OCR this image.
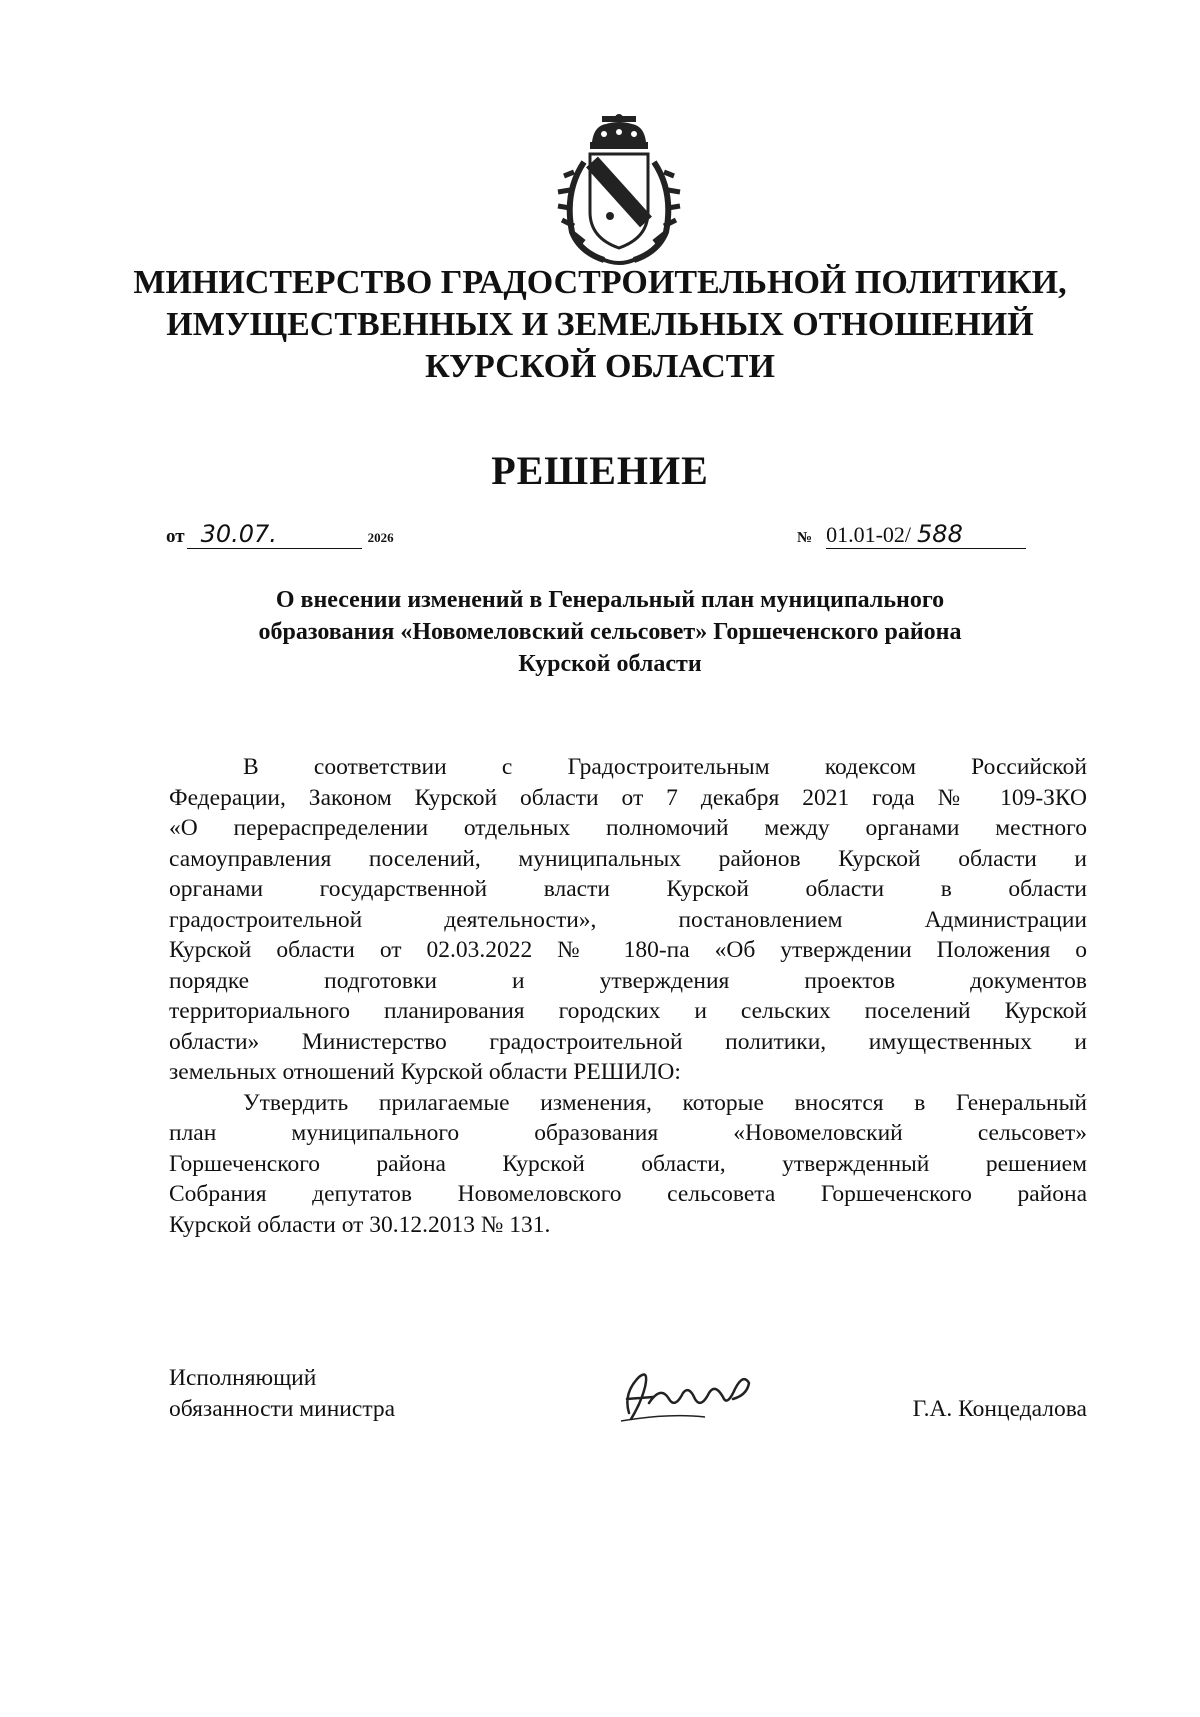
МИНИСТЕРСТВО ГРАДОСТРОИТЕЛЬНОЙ ПОЛИТИКИ,
ИМУЩЕСТВЕННЫХ И ЗЕМЕЛЬНЫХ ОТНОШЕНИЙ
КУРСКОЙ ОБЛАСТИ
РЕШЕНИЕ
от 30.07.	2026	№ 01.01-02/ 588
О внесении изменений в Генеральный план муниципального
образования «Новомеловский сельсовет» Горшеченского района
Курской области
В соответствии с Градостроительным кодексом Российской
Федерации, Законом Курской области от 7 декабря 2021 года № 109-ЗКО
«О перераспределении отдельных полномочий между органами местного
самоуправления поселений, муниципальных районов Курской области и
органами государственной власти Курской области в области
градостроительной деятельности», постановлением Администрации
Курской области от 02.03.2022 № 180-па «Об утверждении Положения о
порядке подготовки и утверждения проектов документов
территориального планирования городских и сельских поселений Курской
области» Министерство градостроительной политики, имущественных и
земельных отношений Курской области РЕШИЛО:
Утвердить прилагаемые изменения, которые вносятся в Генеральный
план муниципального образования «Новомеловский сельсовет»
Горшеченского района Курской области, утвержденный решением
Собрания депутатов Новомеловского сельсовета Горшеченского района
Курской области от 30.12.2013 № 131.
Исполняющий
обязанности министра	Г.А. Концедалова
